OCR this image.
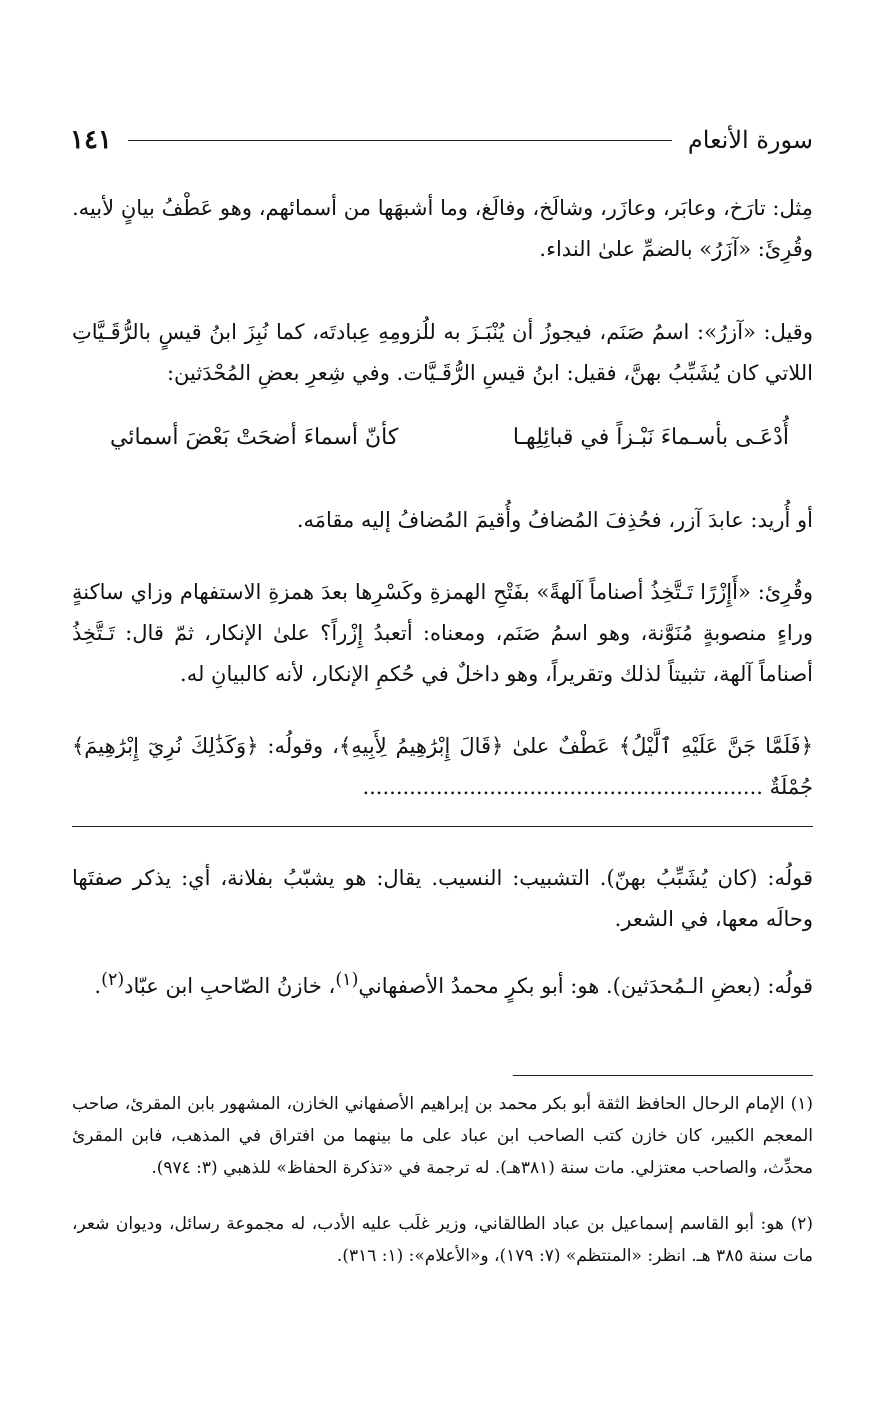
سورة الأنعام
١٤١

مِثل: تارَخ، وعابَر، وعازَر، وشالَخ، وفالَغ، وما أشبهَها من أسمائهم، وهو عَطْفُ بيانٍ لأبيه. وقُرِئَ: «آزَرُ» بالضمِّ علىٰ النداء.

وقيل: «آزرُ»: اسمُ صَنَم، فيجوزُ أن يُنْبَـزَ به للُزومِهِ عِبادتَه، كما نُبِزَ ابنُ قيسٍ بالرُّقَـيَّاتِ اللاتي كان يُشَبِّبُ بهنَّ، فقيل: ابنُ قيسِ الرُّقَـيَّات. وفي شِعرِ بعضِ المُحْدَثين:

أُدْعَـى بأسـماءَ نَبْـزاً في قبائِلِهـا
كأنّ أسماءَ أضحَتْ بَعْضَ أسمائي

أو أُريد: عابدَ آزر، فحُذِفَ المُضافُ وأُقيمَ المُضافُ إليه مقامَه.

وقُرِئ: «أَإِزْرًا تَـتَّخِذُ أصناماً آلهةً» بفَتْحِ الهمزةِ وكَسْرِها بعدَ همزةِ الاستفهام وزاي ساكنةٍ وراءٍ منصوبةٍ مُنَوَّنة، وهو اسمُ صَنَم، ومعناه: أتعبدُ إِزْراً؟ علىٰ الإنكار، ثمّ قال: تَـتَّخِذُ أصناماً آلهة، تثبيتاً لذلك وتقريراً، وهو داخلٌ في حُكمِ الإنكار، لأنه كالبيانِ له.

﴿فَلَمَّا جَنَّ عَلَيْهِ ٱلَّيْلُ﴾ عَطْفٌ علىٰ ﴿قَالَ إِبْرَٰهِيمُ لِأَبِيهِ﴾، وقولُه: ﴿وَكَذَٰلِكَ نُرِيٓ إِبْرَٰهِيمَ﴾ جُمْلَةٌ ............................................................

قولُه: (كان يُشَبِّبُ بهنّ). التشبيب: النسيب. يقال: هو يشبّبُ بفلانة، أي: يذكر صفتَها وحالَه معها، في الشعر.

قولُه: (بعضِ الـمُحدَثين). هو: أبو بكرٍ محمدُ الأصفهاني$^{(١)}$، خازنُ الصّاحبِ ابن عبّاد$^{(٢)}$.

(١) الإمام الرحال الحافظ الثقة أبو بكر محمد بن إبراهيم الأصفهاني الخازن، المشهور بابن المقرئ، صاحب المعجم الكبير، كان خازن كتب الصاحب ابن عباد على ما بينهما من افتراق في المذهب، فابن المقرئ محدِّث، والصاحب معتزلي. مات سنة (٣٨١هـ). له ترجمة في «تذكرة الحفاظ» للذهبي (٣: ٩٧٤).

(٢) هو: أبو القاسم إسماعيل بن عباد الطالقاني، وزير غلَب عليه الأدب، له مجموعة رسائل، وديوان شعر، مات سنة ٣٨٥ هـ. انظر: «المنتظم» (٧: ١٧٩)، و«الأعلام»: (١: ٣١٦).
